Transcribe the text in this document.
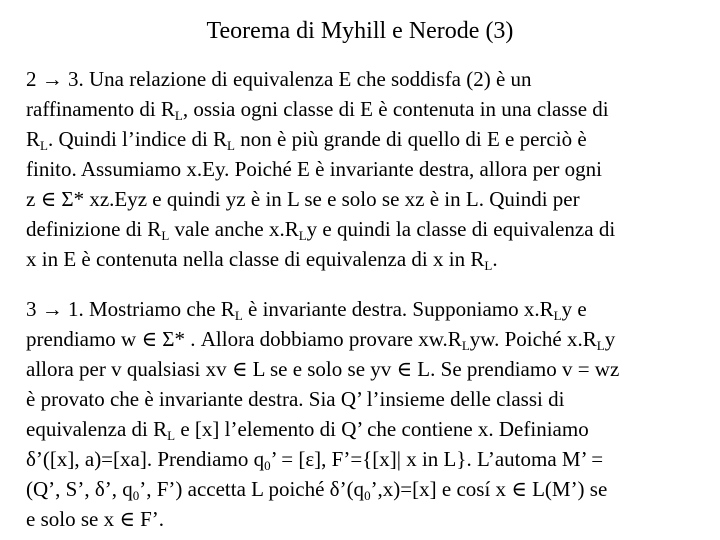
Teorema di Myhill e Nerode (3)
2 → 3. Una relazione di equivalenza E che soddisfa (2) è un
raffinamento di $R_L$, ossia ogni classe di E è contenuta in una classe di
$R_L$. Quindi l’indice di $R_L$ non è più grande di quello di E e perciò è
finito. Assumiamo x.Ey. Poiché E è invariante destra, allora per ogni
z ∈ Σ* xz.Eyz e quindi yz è in L se e solo se xz è in L. Quindi per
definizione di $R_L$ vale anche $x.R_Ly$ e quindi la classe di equivalenza di
x in E è contenuta nella classe di equivalenza di x in $R_L$.
3 → 1. Mostriamo che $R_L$ è invariante destra. Supponiamo $x.R_Ly$ e
prendiamo w ∈ Σ* . Allora dobbiamo provare $xw.R_Lyw$. Poiché $x.R_Ly$
allora per v qualsiasi xv ∈ L se e solo se yv ∈ L. Se prendiamo v = wz
è provato che è invariante destra. Sia Q’ l’insieme delle classi di
equivalenza di $R_L$ e [x] l’elemento di Q’ che contiene x. Definiamo
δ’([x], a)=[xa]. Prendiamo $q_0$’ = [ε], F’={[x]| x in L}. L’automa M’ =
(Q’, S’, δ’, $q_0$’, F’) accetta L poiché $\delta’(q_0’,x)=[x]$ e cosí x ∈ L(M’) se
e solo se x ∈ F’.
